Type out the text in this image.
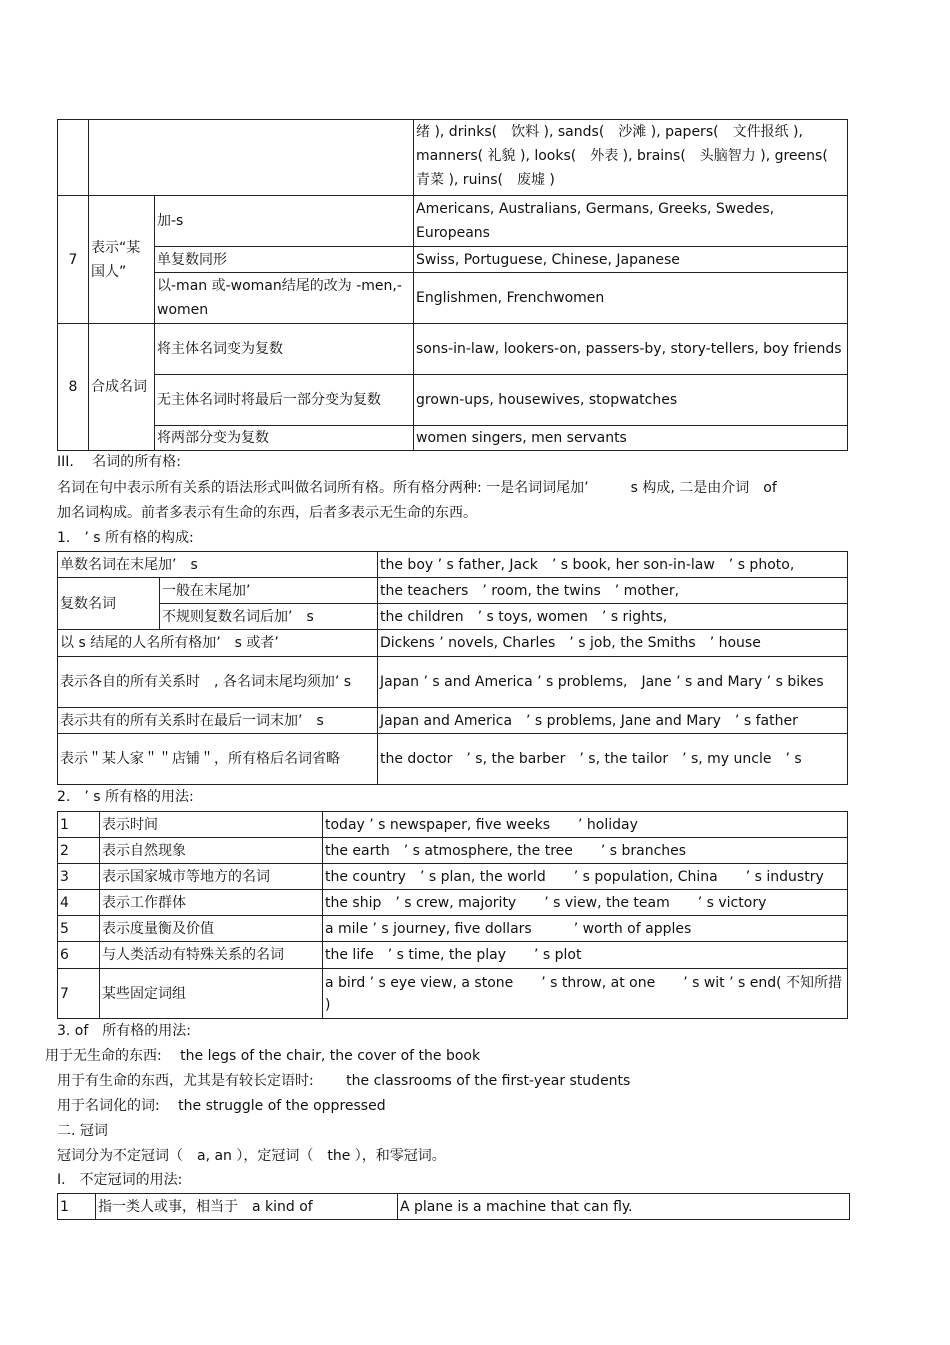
			绪 ), drinks(　饮料 ), sands(　沙滩 ), papers(　文件报纸 ), manners( 礼貌 ), looks(　外表 ), brains(　头脑智力 ), greens(　青菜 ), ruins(　废墟 )
7	表示“某国人”	加-s	Americans, Australians, Germans, Greeks, Swedes, Europeans
		单复数同形	Swiss, Portuguese, Chinese, Japanese
		以-man 或-woman结尾的改为 -men,-women	Englishmen, Frenchwomen
8	合成名词	将主体名词变为复数	sons-in-law, lookers-on, passers-by, story-tellers, boy friends
		无主体名词时将最后一部分变为复数	grown-ups, housewives, stopwatches
		将两部分变为复数	women singers, men servants
III.　 名词的所有格:
名词在句中表示所有关系的语法形式叫做名词所有格。所有格分两种: 一是名词词尾加’　　　s 构成, 二是由介词　of
加名词构成。前者多表示有生命的东西，后者多表示无生命的东西。
1.　’ s 所有格的构成:
单数名词在末尾加’　s		the boy ’ s father, Jack　’ s book, her son-in-law　’ s photo,
复数名词	一般在末尾加’	the teachers　’ room, the twins　’ mother,
	不规则复数名词后加’　s	the children　’ s toys, women　’ s rights,
以 s 结尾的人名所有格加’　s 或者’		Dickens ’ novels, Charles　’ s job, the Smiths　’ house
表示各自的所有关系时　, 各名词末尾均须加’ s		Japan ’ s and America ’ s problems,　Jane ’ s and Mary ’ s bikes
表示共有的所有关系时在最后一词末加’　s		Japan and America　’ s problems, Jane and Mary　’ s father
表示＂某人家＂＂店铺＂，所有格后名词省略		the doctor　’ s, the barber　’ s, the tailor　’ s, my uncle　’ s
2.　’ s 所有格的用法:
1	表示时间	today ’ s newspaper, five weeks　　’ holiday
2	表示自然现象	the earth　’ s atmosphere, the tree　　’ s branches
3	表示国家城市等地方的名词	the country　’ s plan, the world　　’ s population, China　　’ s industry
4	表示工作群体	the ship　’ s crew, majority　　’ s view, the team　　’ s victory
5	表示度量衡及价值	a mile ’ s journey, five dollars　　　’ worth of apples
6	与人类活动有特殊关系的名词	the life　’ s time, the play　　’ s plot
7	某些固定词组	a bird ’ s eye view, a stone　　’ s throw, at one　　’ s wit ’ s end( 不知所措 )
3. of　所有格的用法:
用于无生命的东西:　 the legs of the chair, the cover of the book
用于有生命的东西，尤其是有较长定语时:　　 the classrooms of the first-year students
用于名词化的词:　 the struggle of the oppressed
二. 冠词
冠词分为不定冠词（　a, an ），定冠词（　the ），和零冠词。
I.　不定冠词的用法:
1	指一类人或事，相当于　a kind of	A plane is a machine that can fly.
